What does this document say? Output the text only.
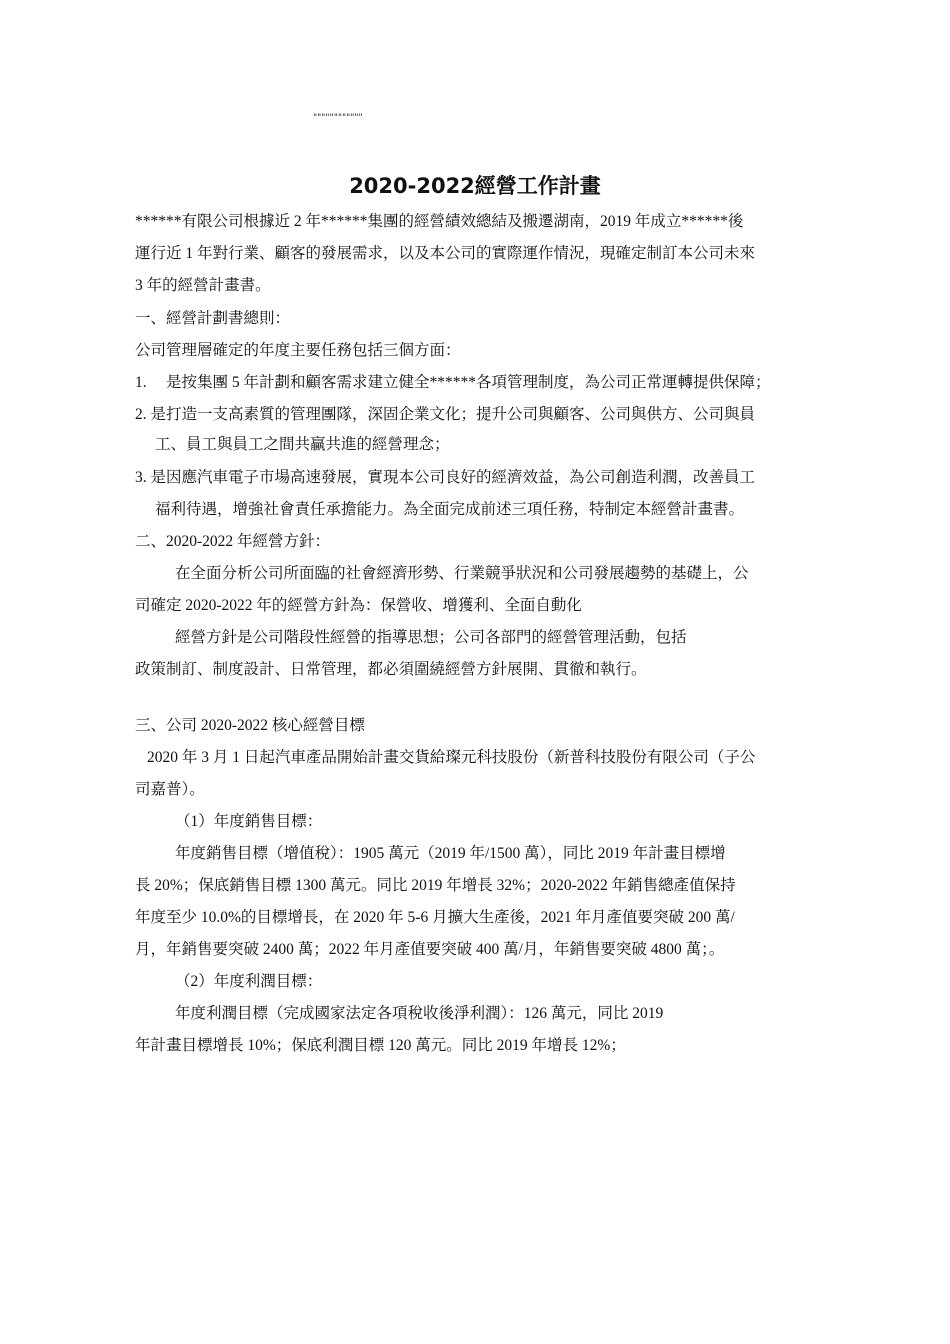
""""""""""""
2020-2022經營工作計畫
******有限公司根據近 2 年******集團的經營績效總結及搬遷湖南，2019 年成立******後
運行近 1 年對行業、顧客的發展需求，以及本公司的實際運作情況，現確定制訂本公司未來
3 年的經營計畫書。
一、經營計劃書總則：
公司管理層確定的年度主要任務包括三個方面：
1.　 是按集團 5 年計劃和顧客需求建立健全******各項管理制度，為公司正常運轉提供保障；
2. 是打造一支高素質的管理團隊，深固企業文化；提升公司與顧客、公司與供方、公司與員
工、員工與員工之間共贏共進的經營理念；
3. 是因應汽車電子市場高速發展，實現本公司良好的經濟效益，為公司創造利潤，改善員工
福利待遇，增強社會責任承擔能力。為全面完成前述三項任務，特制定本經營計畫書。
二、2020-2022 年經營方針：
在全面分析公司所面臨的社會經濟形勢、行業競爭狀況和公司發展趨勢的基礎上，公
司確定 2020-2022 年的經營方針為：保營收、增獲利、全面自動化
經營方針是公司階段性經營的指導思想；公司各部門的經營管理活動，包括
政策制訂、制度設計、日常管理，都必須圍繞經營方針展開、貫徹和執行。
三、公司 2020-2022 核心經營目標
2020 年 3 月 1 日起汽車產品開始計畫交貨給璨元科技股份（新普科技股份有限公司（子公
司嘉普）。
（1）年度銷售目標：
年度銷售目標（增值稅）：1905 萬元（2019 年/1500 萬），同比 2019 年計畫目標增
長 20%；保底銷售目標 1300 萬元。同比 2019 年增長 32%；2020-2022 年銷售總產值保持
年度至少 10.0%的目標增長，在 2020 年 5-6 月擴大生產後，2021 年月產值要突破 200 萬/
月，年銷售要突破 2400 萬；2022 年月產值要突破 400 萬/月，年銷售要突破 4800 萬；。
（2）年度利潤目標：
年度利潤目標（完成國家法定各項稅收後淨利潤）：126 萬元，同比 2019
年計畫目標增長 10%；保底利潤目標 120 萬元。同比 2019 年增長 12%；
